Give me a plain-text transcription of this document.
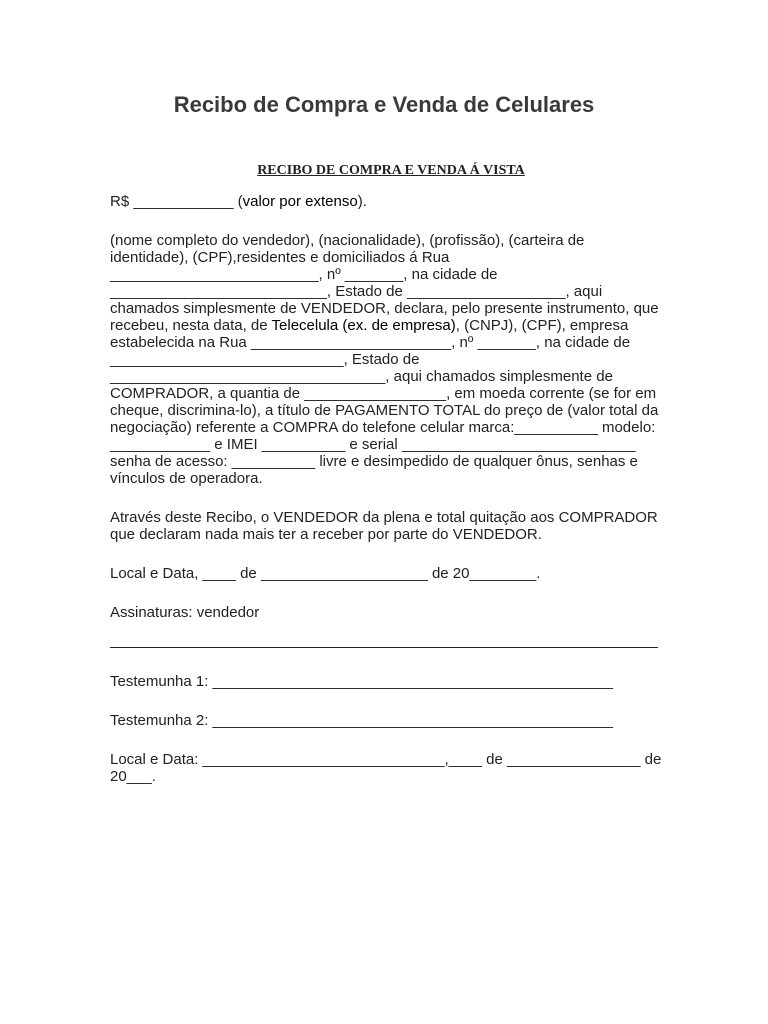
Recibo de Compra e Venda de Celulares

RECIBO DE COMPRA E VENDA Á VISTA

R$ ____________ (valor por extenso).

(nome completo do vendedor), (nacionalidade), (profissão), (carteira de identidade), (CPF),residentes e domiciliados á Rua _________________________, nº _______, na cidade de __________________________, Estado de ___________________, aqui chamados simplesmente de VENDEDOR, declara, pelo presente instrumento, que recebeu, nesta data, de Telecelula (ex. de empresa), (CNPJ), (CPF), empresa estabelecida na Rua ________________________, nº _______, na cidade de ____________________________, Estado de _________________________________, aqui chamados simplesmente de COMPRADOR, a quantia de _________________, em moeda corrente (se for em cheque, discrimina-lo), a título de PAGAMENTO TOTAL do preço de (valor total da negociação) referente a COMPRA do telefone celular marca:__________ modelo: ____________ e IMEI __________ e serial ____________________________ senha de acesso: __________ livre e desimpedido de qualquer ônus, senhas e vínculos de operadora.

Através deste Recibo, o VENDEDOR da plena e total quitação aos COMPRADOR que declaram nada mais ter a receber por parte do VENDEDOR.

Local e Data, ____ de ____________________ de 20________.

Assinaturas: vendedor

Testemunha 1: ________________________________________________

Testemunha 2: ________________________________________________

Local e Data: _____________________________,____ de ________________ de 20___.
